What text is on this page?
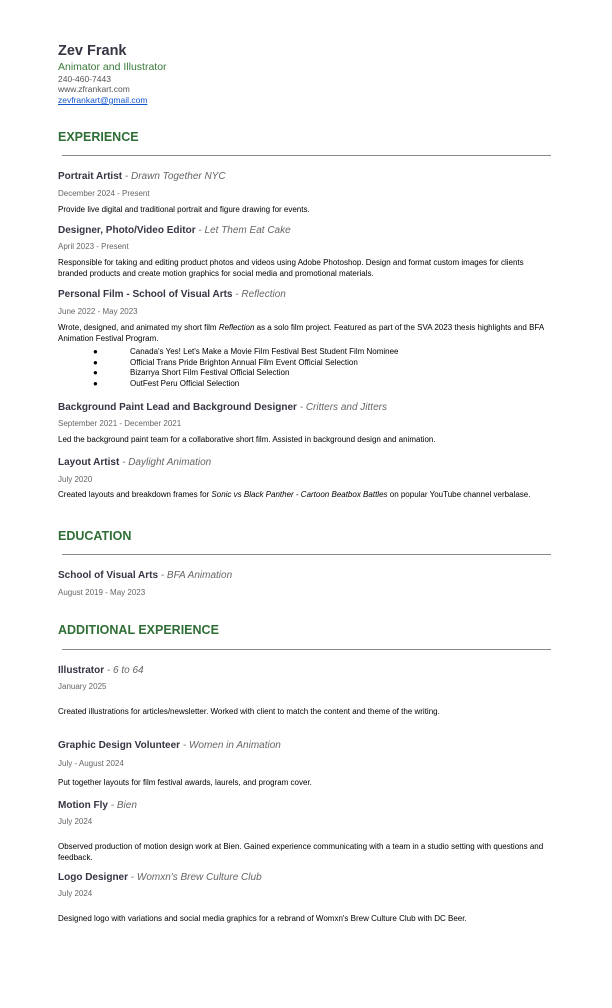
Zev Frank
Animator and Illustrator
240-460-7443
www.zfrankart.com
zevfrankart@gmail.com
EXPERIENCE
Portrait Artist - Drawn Together NYC
December 2024 - Present
Provide live digital and traditional portrait and figure drawing for events.
Designer, Photo/Video Editor - Let Them Eat Cake
April 2023 - Present
Responsible for taking and editing product photos and videos using Adobe Photoshop. Design and format custom images for clients branded products and create motion graphics for social media and promotional materials.
Personal Film - School of Visual Arts - Reflection
June 2022 - May 2023
Wrote, designed, and animated my short film Reflection as a solo film project. Featured as part of the SVA 2023 thesis highlights and BFA Animation Festival Program.
●	Canada's Yes! Let's Make a Movie Film Festival Best Student Film Nominee
●	Official Trans Pride Brighton Annual Film Event Official Selection
●	Bizarrya Short Film Festival Official Selection
●	OutFest Peru Official Selection
Background Paint Lead and Background Designer - Critters and Jitters
September 2021 - December 2021
Led the background paint team for a collaborative short film. Assisted in background design and animation.
Layout Artist - Daylight Animation
July 2020
Created layouts and breakdown frames for Sonic vs Black Panther - Cartoon Beatbox Battles on popular YouTube channel verbalase.
EDUCATION
School of Visual Arts - BFA Animation
August 2019 - May 2023
ADDITIONAL EXPERIENCE
Illustrator - 6 to 64
January 2025
Created illustrations for articles/newsletter. Worked with client to match the content and theme of the writing.
Graphic Design Volunteer - Women in Animation
July - August 2024
Put together layouts for film festival awards, laurels, and program cover.
Motion Fly - Bien
July 2024
Observed production of motion design work at Bien. Gained experience communicating with a team in a studio setting with questions and feedback.
Logo Designer - Womxn's Brew Culture Club
July 2024
Designed logo with variations and social media graphics for a rebrand of Womxn's Brew Culture Club with DC Beer.
